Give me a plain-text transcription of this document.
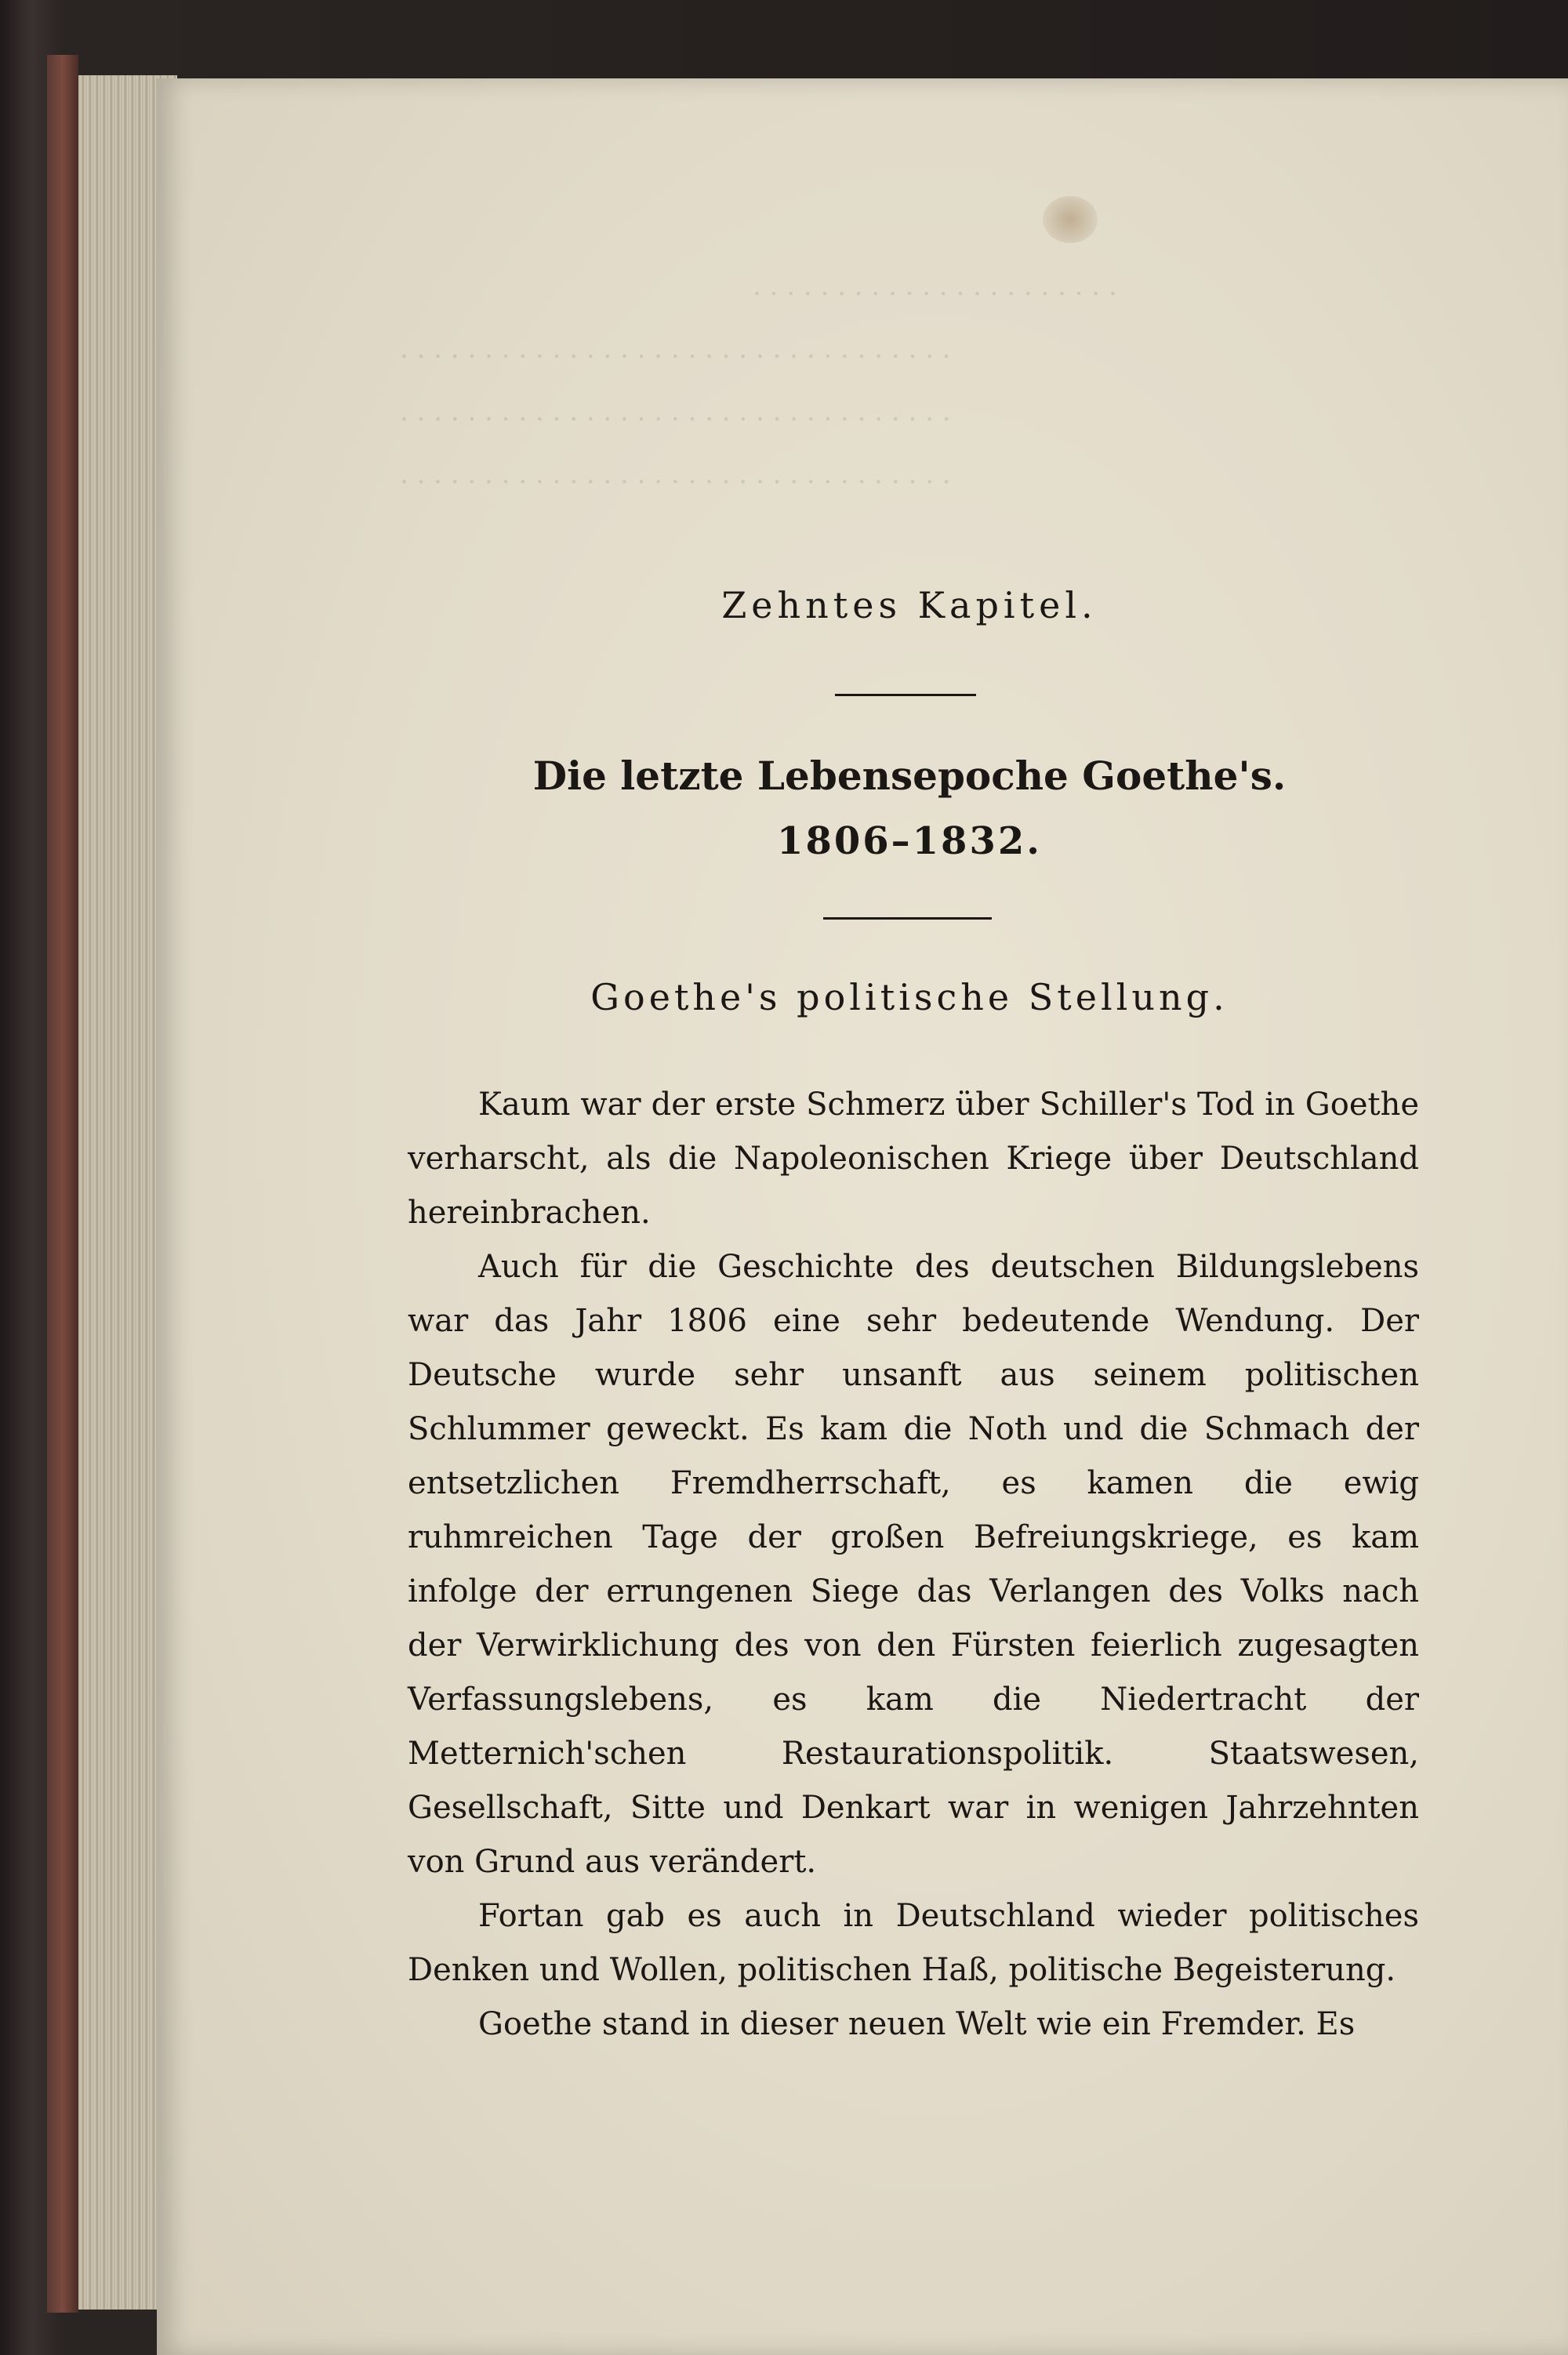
· · · · · · · · · · · · · · · · · · · · · ·
· · · · · · · · · · · · · · · · · · · · · · · · · · · · · · · · ·
· · · · · · · · · · · · · · · · · · · · · · · · · · · · · · · · ·
· · · · · · · · · · · · · · · · · · · · · · · · · · · · · · · · ·
Zehntes Kapitel.
Die letzte Lebensepoche Goethe's.
1806–1832.
Goethe's politische Stellung.

Kaum war der erste Schmerz über Schiller's Tod in Goethe verharscht, als die Napoleonischen Kriege über Deutschland hereinbrachen.

Auch für die Geschichte des deutschen Bildungslebens war das Jahr 1806 eine sehr bedeutende Wendung. Der Deutsche wurde sehr unsanft aus seinem politischen Schlummer geweckt. Es kam die Noth und die Schmach der entsetzlichen Fremdherrschaft, es kamen die ewig ruhmreichen Tage der großen Befreiungskriege, es kam infolge der errungenen Siege das Verlangen des Volks nach der Verwirklichung des von den Fürsten feierlich zugesagten Verfassungslebens, es kam die Niedertracht der Metternich'schen Restaurationspolitik. Staatswesen, Gesellschaft, Sitte und Denkart war in wenigen Jahrzehnten von Grund aus verändert.

Fortan gab es auch in Deutschland wieder politisches Denken und Wollen, politischen Haß, politische Begeisterung.

Goethe stand in dieser neuen Welt wie ein Fremder. Es
